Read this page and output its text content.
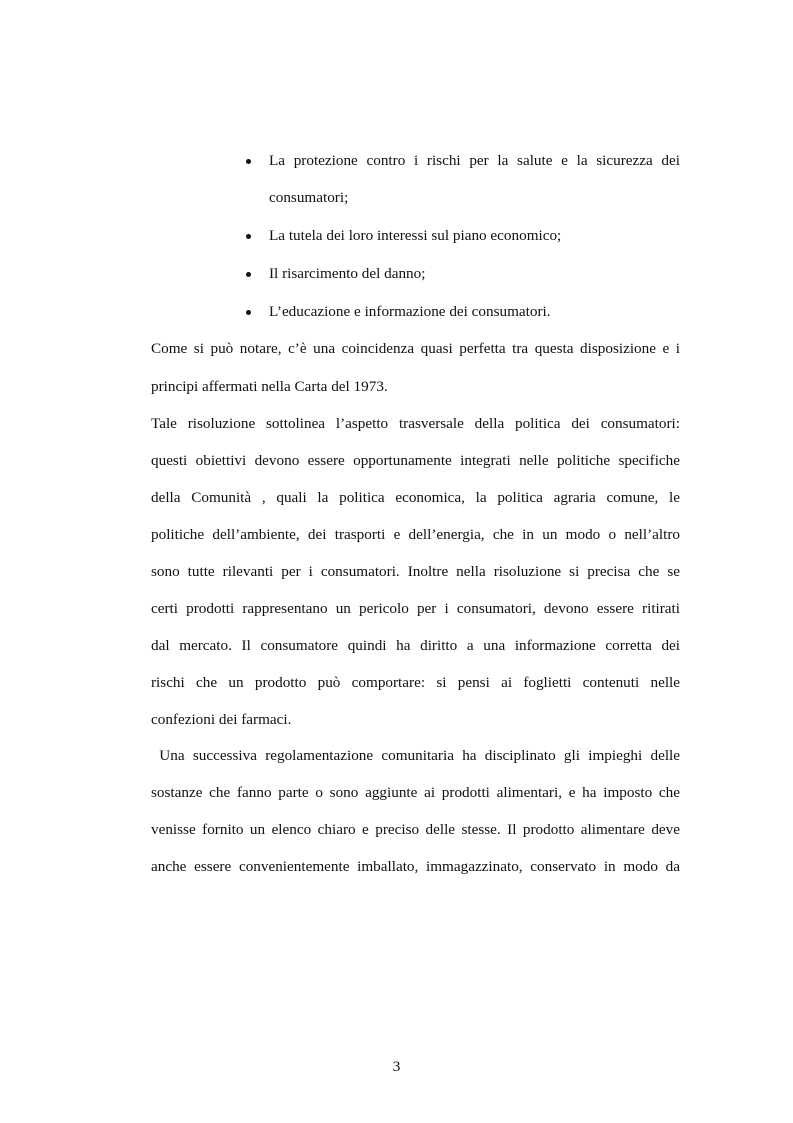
La protezione contro i rischi per la salute e la sicurezza dei
consumatori;
La tutela dei loro interessi sul piano economico;
Il risarcimento del danno;
L’educazione e informazione dei consumatori.
Come si può notare, c’è una coincidenza quasi perfetta tra questa disposizione e i
principi affermati nella Carta del 1973.
Tale risoluzione sottolinea l’aspetto trasversale della politica dei consumatori:
questi obiettivi devono essere opportunamente integrati nelle politiche specifiche
della Comunità , quali la politica economica, la politica agraria comune, le
politiche dell’ambiente, dei trasporti e dell’energia, che in un modo o nell’altro
sono tutte rilevanti per i consumatori. Inoltre nella risoluzione si precisa che se
certi prodotti rappresentano un pericolo per i consumatori, devono essere ritirati
dal mercato. Il consumatore quindi ha diritto a una informazione corretta dei
rischi che un prodotto può comportare: si pensi ai foglietti contenuti nelle
confezioni dei farmaci.
Una successiva regolamentazione comunitaria ha disciplinato gli impieghi delle
sostanze che fanno parte o sono aggiunte ai prodotti alimentari, e ha imposto che
venisse fornito un elenco chiaro e preciso delle stesse. Il prodotto alimentare deve
anche essere convenientemente imballato, immagazzinato, conservato in modo da
3
